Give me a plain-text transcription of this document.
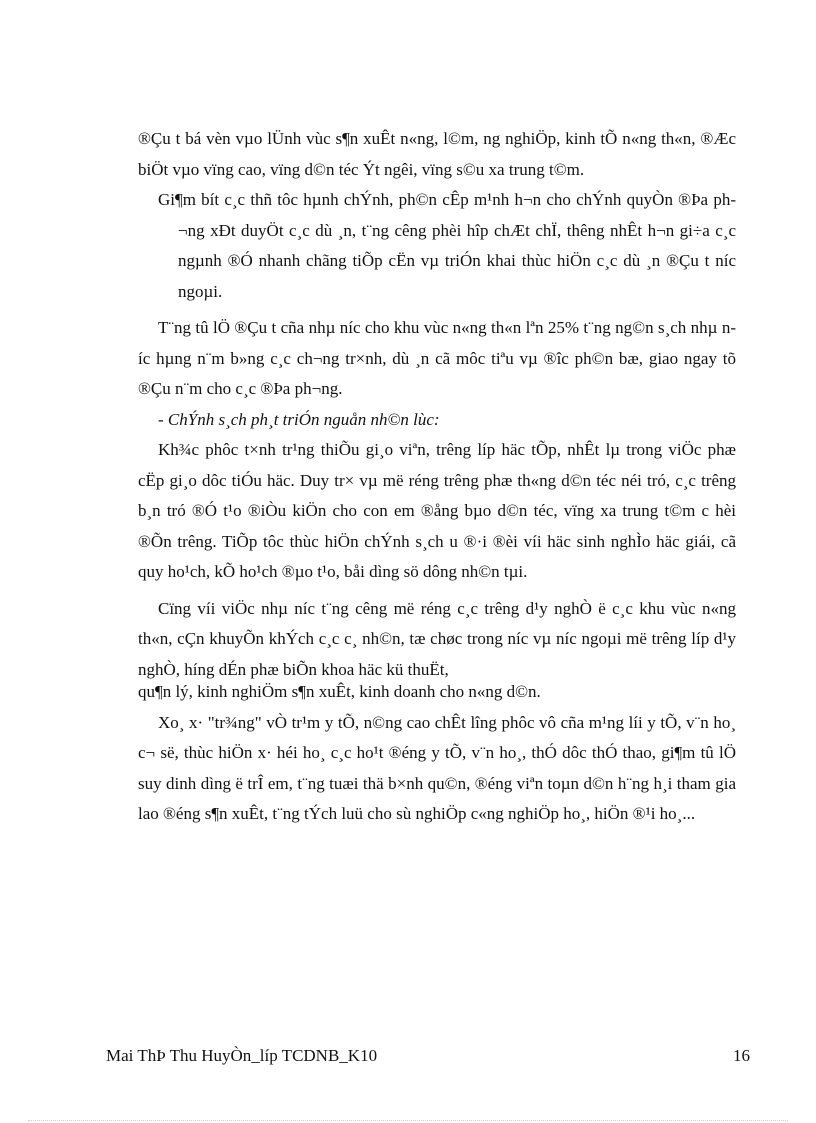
®Çu t bá vèn vµo lÜnh vùc s¶n xuÊt n«ng, l©m, ng nghiÖp, kinh tÕ n«ng th«n, ®Æc biÖt vµo vïng cao, vïng d©n téc Ýt ngêi, vïng s©u xa trung t©m.

Gi¶m bít c¸c thñ tôc hµnh chÝnh, ph©n cÊp m¹nh h¬n cho chÝnh quyÒn ®Þa ph¬ng xÐt duyÖt c¸c dù ¸n, t¨ng cêng phèi hîp chÆt chÏ, thêng nhÊt h¬n gi÷a c¸c ngµnh ®Ó nhanh chãng tiÕp cËn vµ triÓn khai thùc hiÖn c¸c dù ¸n ®Çu t níc ngoµi.

T¨ng tû lÖ ®Çu t cña nhµ níc cho khu vùc n«ng th«n lªn 25% t¨ng ng©n s¸ch nhµ níc hµng n¨m b»ng c¸c ch¬ng tr×nh, dù ¸n cã môc tiªu vµ ®îc ph©n bæ, giao ngay tõ ®Çu n¨m cho c¸c ®Þa ph¬ng.

- ChÝnh s¸ch ph¸t triÓn nguån nh©n lùc:

Kh¾c phôc t×nh tr¹ng thiÕu gi¸o viªn, trêng líp häc tÕp, nhÊt lµ trong viÖc phæ cËp gi¸o dôc tiÓu häc. Duy tr× vµ më réng trêng phæ th«ng d©n téc néi tró, c¸c trêng b¸n tró ®Ó t¹o ®iÒu kiÖn cho con em ®ång bµo d©n téc, vïng xa trung t©m c hèi ®Õn trêng. TiÕp tôc thùc hiÖn chÝnh s¸ch u ®·i ®èi víi häc sinh nghÌo häc giái, cã quy ho¹ch, kÕ ho¹ch ®µo t¹o, båi dìng sö dông nh©n tµi.

Cïng víi viÖc nhµ níc t¨ng cêng më réng c¸c trêng d¹y nghÒ ë c¸c khu vùc n«ng th«n, cÇn khuyÕn khÝch c¸c c¸ nh©n, tæ chøc trong níc vµ níc ngoµi më trêng líp d¹y nghÒ, híng dÉn phæ biÕn khoa häc kü thuËt,

qu¶n lý, kinh nghiÖm s¶n xuÊt, kinh doanh cho n«ng d©n.

Xo¸ x· "tr¾ng" vÒ tr¹m y tÕ, n©ng cao chÊt lîng phôc vô cña m¹ng líi y tÕ, v¨n ho¸ c¬ së, thùc hiÖn x· héi ho¸ c¸c ho¹t ®éng y tÕ, v¨n ho¸, thÓ dôc thÓ thao, gi¶m tû lÖ suy dinh dìng ë trÎ em, t¨ng tuæi thä b×nh qu©n, ®éng viªn toµn d©n h¨ng h¸i tham gia lao ®éng s¶n xuÊt, t¨ng tÝch luü cho sù nghiÖp c«ng nghiÖp ho¸, hiÖn ®¹i ho¸...

Mai ThÞ Thu HuyÒn_líp TCDNB_K10	16
